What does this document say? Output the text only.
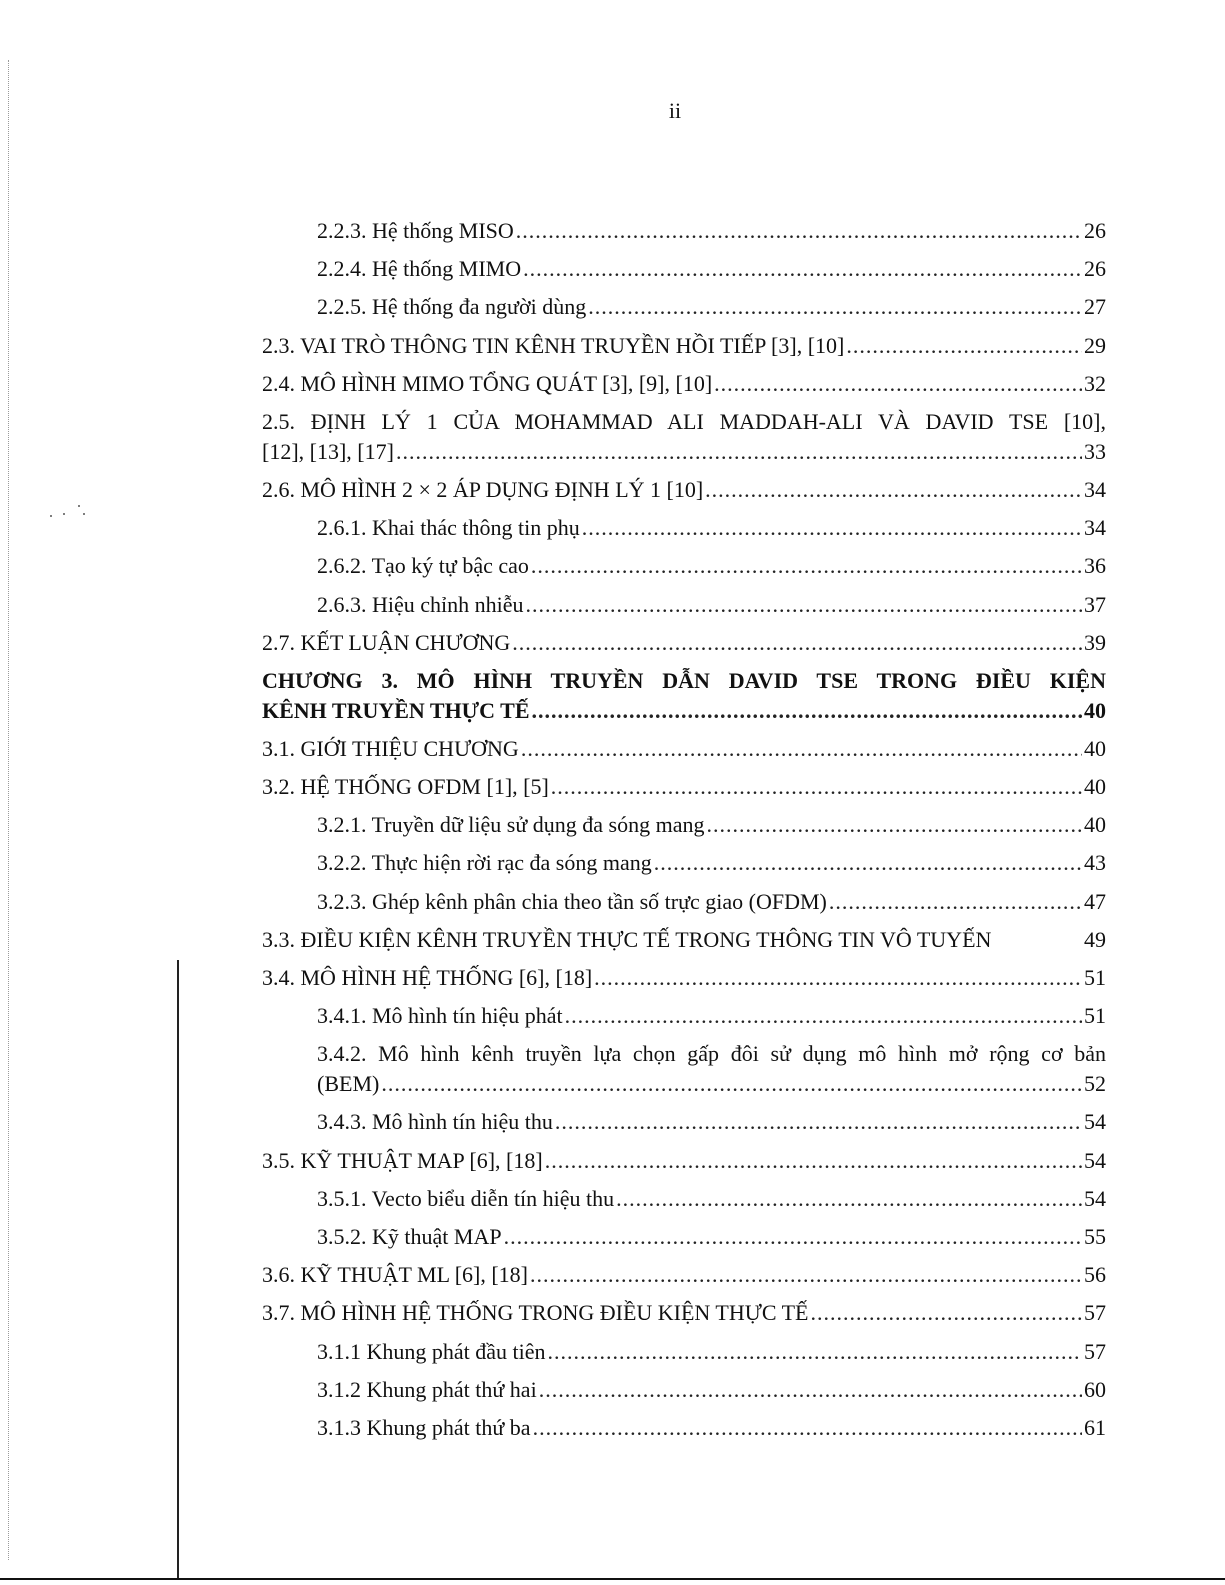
ii
2.2.3. Hệ thống MISO .....	26
2.2.4. Hệ thống MIMO .....	26
2.2.5. Hệ thống đa người dùng .....	27
2.3. VAI TRÒ THÔNG TIN KÊNH TRUYỀN HỒI TIẾP [3], [10] .....	29
2.4. MÔ HÌNH MIMO TỔNG QUÁT [3], [9], [10] .....	32
2.5. ĐỊNH LÝ 1 CỦA MOHAMMAD ALI MADDAH-ALI VÀ DAVID TSE [10],
[12], [13], [17] .....	33
2.6. MÔ HÌNH 2 × 2 ÁP DỤNG ĐỊNH LÝ 1 [10] .....	34
2.6.1. Khai thác thông tin phụ .....	34
2.6.2. Tạo ký tự bậc cao .....	36
2.6.3. Hiệu chỉnh nhiễu .....	37
2.7. KẾT LUẬN CHƯƠNG .....	39
CHƯƠNG 3. MÔ HÌNH TRUYỀN DẪN DAVID TSE TRONG ĐIỀU KIỆN
KÊNH TRUYỀN THỰC TẾ .....	40
3.1. GIỚI THIỆU CHƯƠNG .....	40
3.2. HỆ THỐNG OFDM [1], [5] .....	40
3.2.1. Truyền dữ liệu sử dụng đa sóng mang .....	40
3.2.2. Thực hiện rời rạc đa sóng mang .....	43
3.2.3. Ghép kênh phân chia theo tần số trực giao (OFDM) .....	47
3.3. ĐIỀU KIỆN KÊNH TRUYỀN THỰC TẾ TRONG THÔNG TIN VÔ TUYẾN	49
3.4. MÔ HÌNH HỆ THỐNG [6], [18] .....	51
3.4.1. Mô hình tín hiệu phát .....	51
3.4.2. Mô hình kênh truyền lựa chọn gấp đôi sử dụng mô hình mở rộng cơ bản
(BEM) .....	52
3.4.3. Mô hình tín hiệu thu .....	54
3.5. KỸ THUẬT MAP [6], [18] .....	54
3.5.1. Vecto biểu diễn tín hiệu thu .....	54
3.5.2. Kỹ thuật MAP .....	55
3.6. KỸ THUẬT ML [6], [18] .....	56
3.7. MÔ HÌNH HỆ THỐNG TRONG ĐIỀU KIỆN THỰC TẾ .....	57
3.1.1 Khung phát đầu tiên .....	57
3.1.2 Khung phát thứ hai .....	60
3.1.3 Khung phát thứ ba .....	61
